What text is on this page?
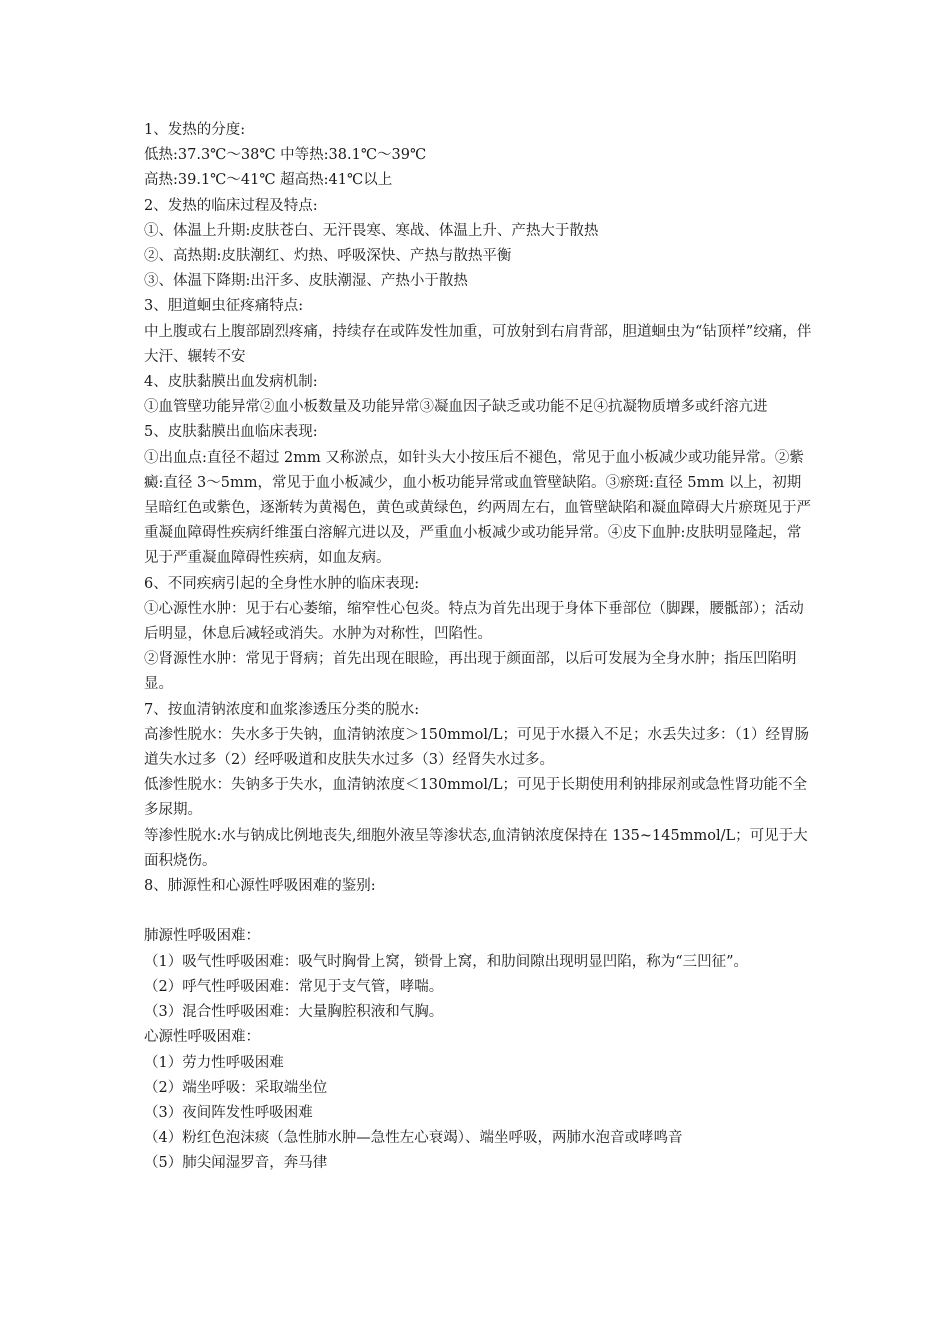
1、发热的分度:

低热:37.3℃～38℃ 中等热:38.1℃～39℃

高热:39.1℃～41℃ 超高热:41℃以上

2、发热的临床过程及特点:

①、体温上升期:皮肤苍白、无汗畏寒、寒战、体温上升、产热大于散热

②、高热期:皮肤潮红、灼热、呼吸深快、产热与散热平衡

③、体温下降期:出汗多、皮肤潮湿、产热小于散热

3、胆道蛔虫征疼痛特点:

中上腹或右上腹部剧烈疼痛，持续存在或阵发性加重，可放射到右肩背部，胆道蛔虫为“钻顶样”绞痛，伴大汗、辗转不安

4、皮肤黏膜出血发病机制:

①血管壁功能异常②血小板数量及功能异常③凝血因子缺乏或功能不足④抗凝物质增多或纤溶亢进

5、皮肤黏膜出血临床表现:

①出血点:直径不超过 2mm 又称淤点，如针头大小按压后不褪色，常见于血小板减少或功能异常。②紫癜:直径 3～5mm，常见于血小板减少，血小板功能异常或血管壁缺陷。③瘀斑:直径 5mm 以上，初期呈暗红色或紫色，逐渐转为黄褐色，黄色或黄绿色，约两周左右，血管壁缺陷和凝血障碍大片瘀斑见于严重凝血障碍性疾病纤维蛋白溶解亢进以及，严重血小板减少或功能异常。④皮下血肿:皮肤明显隆起，常见于严重凝血障碍性疾病，如血友病。

6、不同疾病引起的全身性水肿的临床表现:

①心源性水肿：见于右心萎缩，缩窄性心包炎。特点为首先出现于身体下垂部位（脚踝，腰骶部）；活动后明显，休息后减轻或消失。水肿为对称性，凹陷性。

②肾源性水肿：常见于肾病；首先出现在眼睑，再出现于颜面部，以后可发展为全身水肿；指压凹陷明显。

7、按血清钠浓度和血浆渗透压分类的脱水:

高渗性脱水：失水多于失钠，血清钠浓度＞150mmol/L；可见于水摄入不足；水丢失过多：（1）经胃肠道失水过多（2）经呼吸道和皮肤失水过多（3）经肾失水过多。

低渗性脱水：失钠多于失水，血清钠浓度＜130mmol/L；可见于长期使用利钠排尿剂或急性肾功能不全多尿期。

等渗性脱水:水与钠成比例地丧失,细胞外液呈等渗状态,血清钠浓度保持在 135~145mmol/L；可见于大面积烧伤。

8、肺源性和心源性呼吸困难的鉴别:

肺源性呼吸困难：

（1）吸气性呼吸困难：吸气时胸骨上窝，锁骨上窝，和肋间隙出现明显凹陷，称为“三凹征”。

（2）呼气性呼吸困难：常见于支气管，哮喘。

（3）混合性呼吸困难：大量胸腔积液和气胸。

心源性呼吸困难：

（1）劳力性呼吸困难

（2）端坐呼吸：采取端坐位

（3）夜间阵发性呼吸困难

（4）粉红色泡沫痰（急性肺水肿—急性左心衰竭）、端坐呼吸，两肺水泡音或哮鸣音

（5）肺尖闻湿罗音，奔马律
